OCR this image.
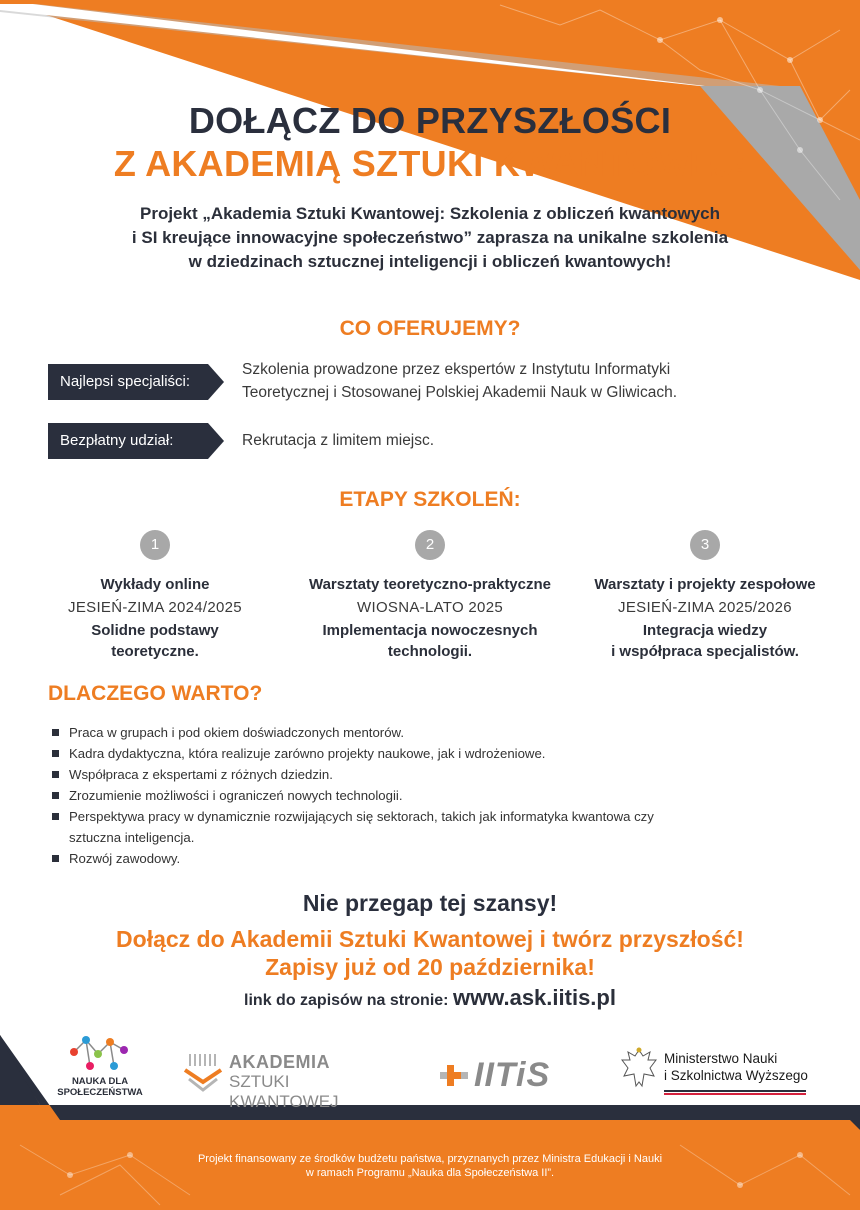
DOŁĄCZ DO PRZYSZŁOŚCI
Z AKADEMIĄ SZTUKI KWANTOWEJ!
Projekt „Akademia Sztuki Kwantowej: Szkolenia z obliczeń kwantowych
i SI kreujące innowacyjne społeczeństwo” zaprasza na unikalne szkolenia
w dziedzinach sztucznej inteligencji i obliczeń kwantowych!
CO OFERUJEMY?
Najlepsi specjaliści:
Szkolenia prowadzone przez ekspertów z Instytutu Informatyki
Teoretycznej i Stosowanej Polskiej Akademii Nauk w Gliwicach.
Bezpłatny udział:	Rekrutacja z limitem miejsc.
ETAPY SZKOLEŃ:
1
Wykłady online
JESIEŃ-ZIMA 2024/2025
Solidne podstawy
teoretyczne.
2
Warsztaty teoretyczno-praktyczne
WIOSNA-LATO 2025
Implementacja nowoczesnych
technologii.
3
Warsztaty i projekty zespołowe
JESIEŃ-ZIMA 2025/2026
Integracja wiedzy
i współpraca specjalistów.
DLACZEGO WARTO?
Praca w grupach i pod okiem doświadczonych mentorów.
Kadra dydaktyczna, która realizuje zarówno projekty naukowe, jak i wdrożeniowe.
Współpraca z ekspertami z różnych dziedzin.
Zrozumienie możliwości i ograniczeń nowych technologii.
Perspektywa pracy w dynamicznie rozwijających się sektorach, takich jak informatyka kwantowa czy sztuczna inteligencja.
Rozwój zawodowy.
Nie przegap tej szansy!
Dołącz do Akademii Sztuki Kwantowej i twórz przyszłość!
Zapisy już od 20 października!
link do zapisów na stronie: www.ask.iitis.pl
NAUKA DLA
SPOŁECZEŃSTWA
AKADEMIA
SZTUKI KWANTOWEJ
IITiS	Ministerstwo Nauki
i Szkolnictwa Wyższego
Projekt finansowany ze środków budżetu państwa, przyznanych przez Ministra Edukacji i Nauki
w ramach Programu „Nauka dla Społeczeństwa II”.
